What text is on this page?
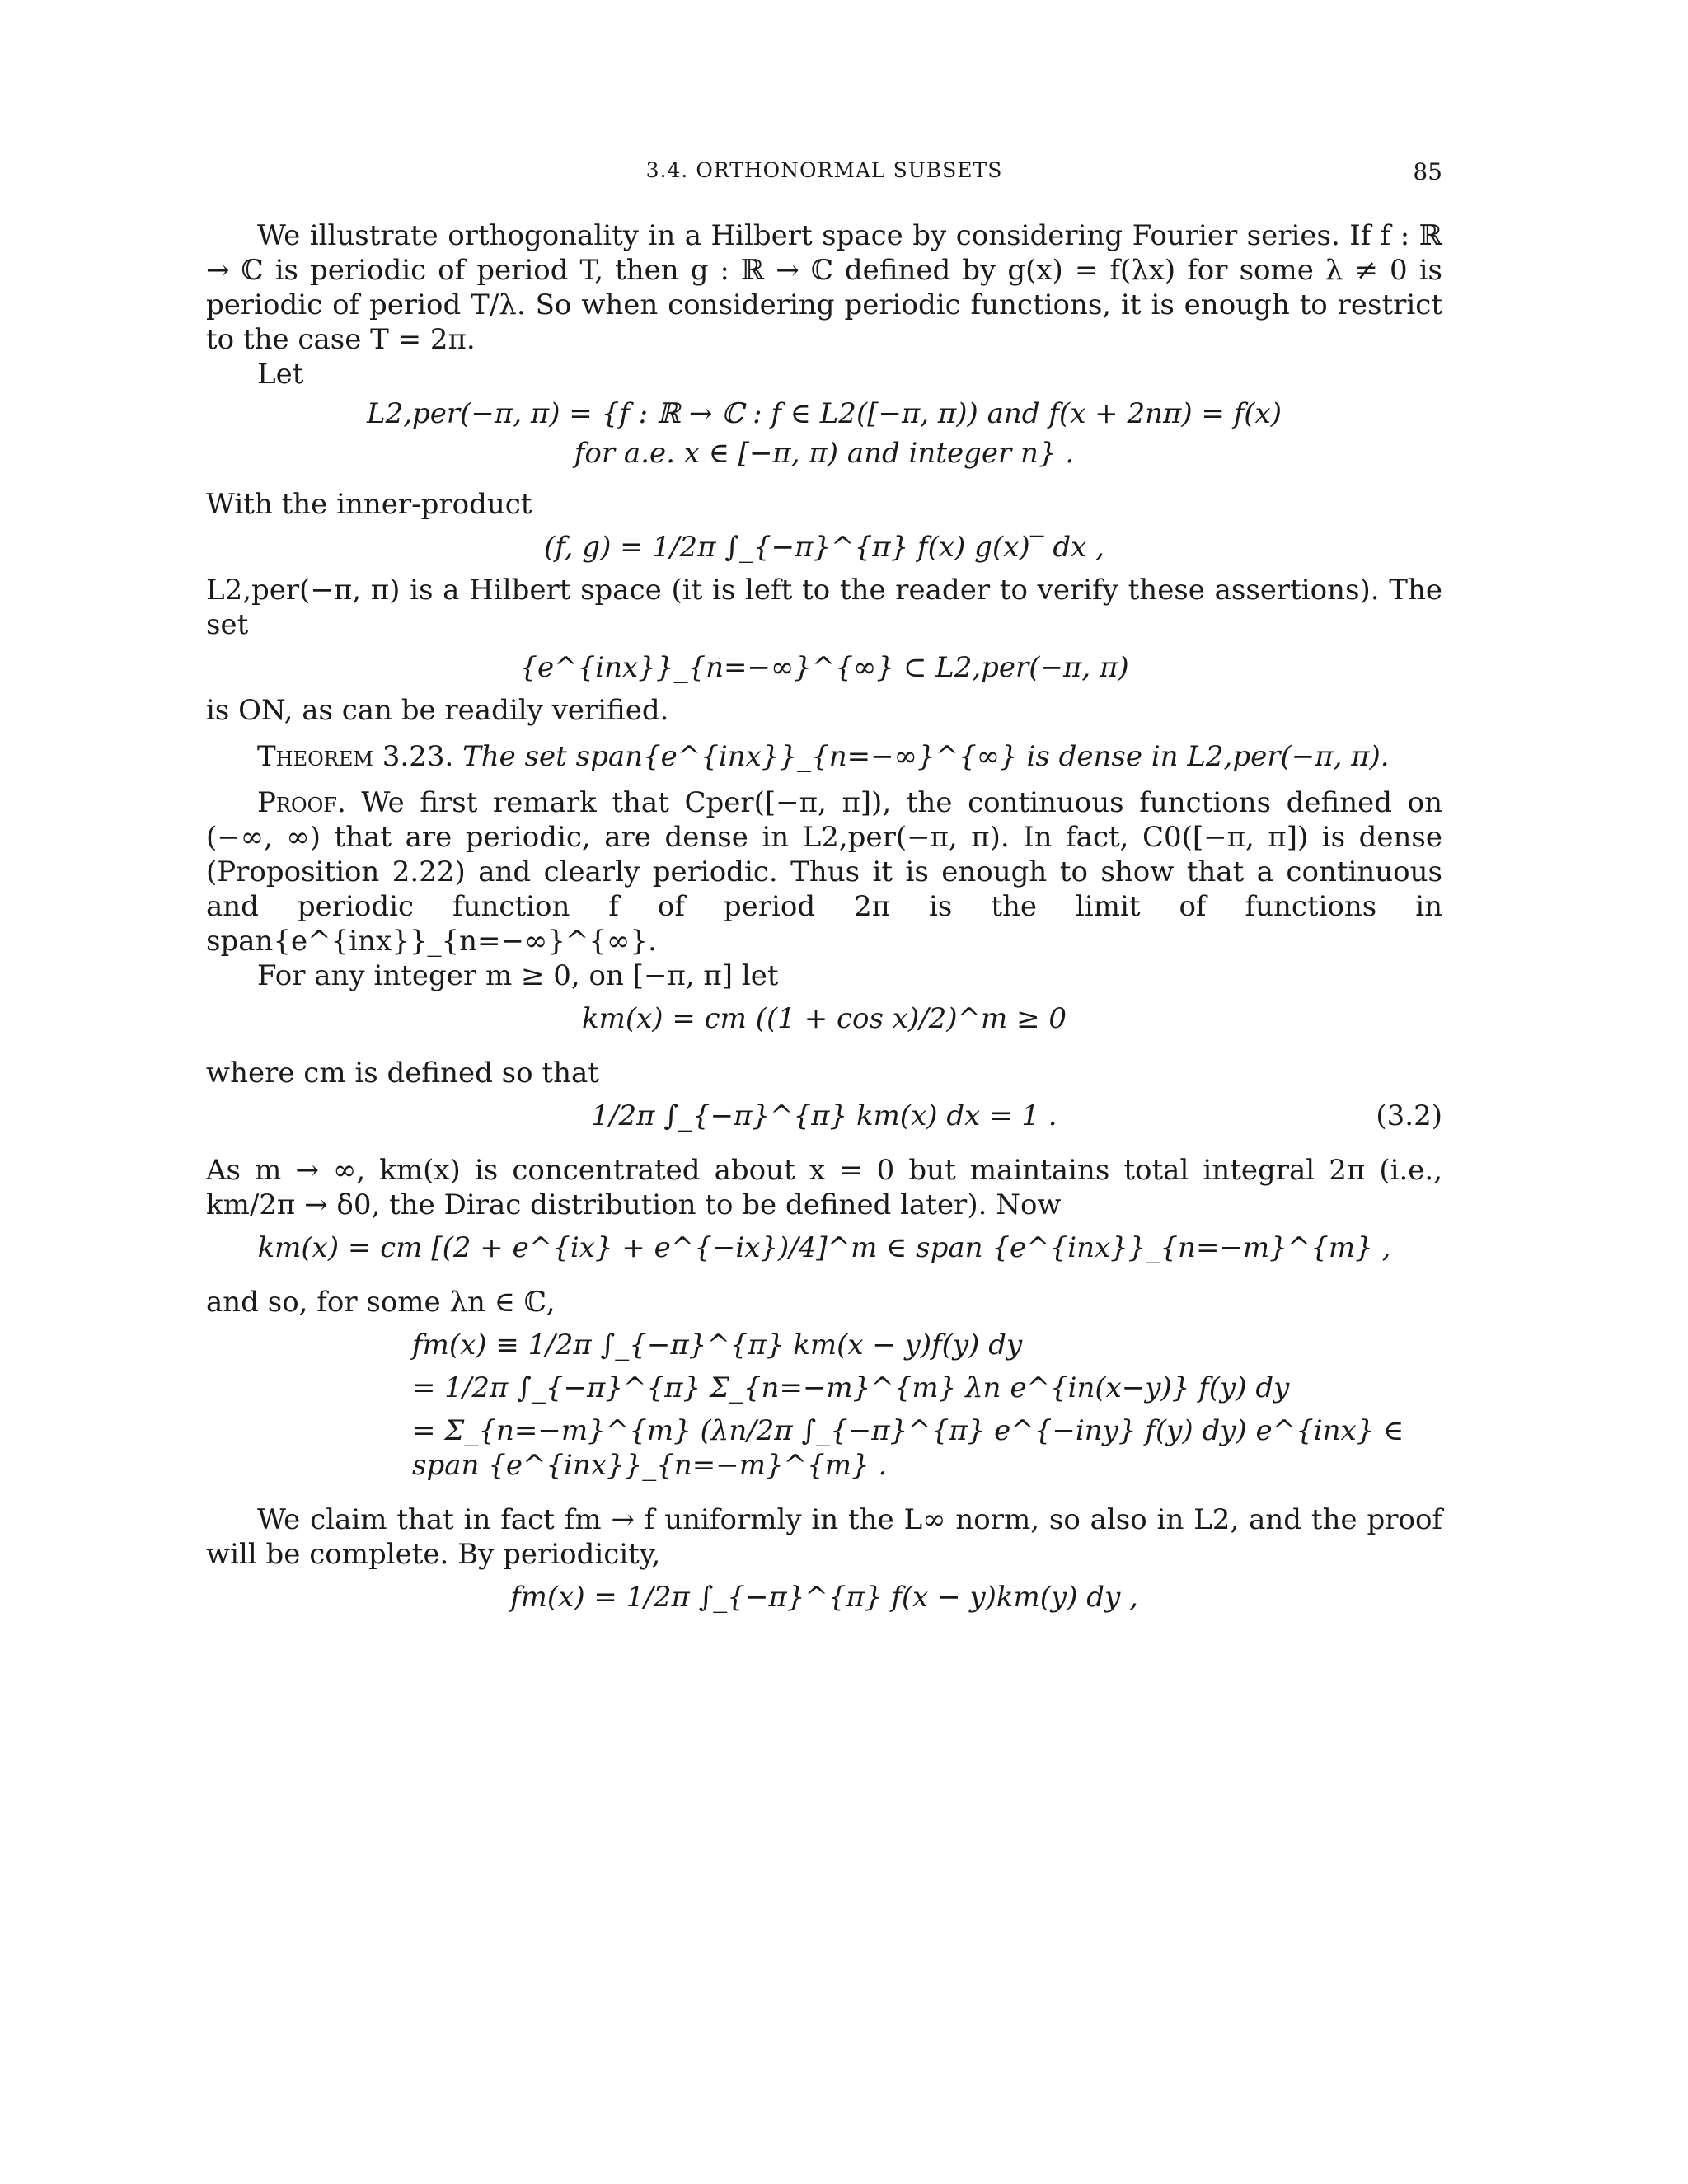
3.4. ORTHONORMAL SUBSETS	85

We illustrate orthogonality in a Hilbert space by considering Fourier series. If f : ℝ → ℂ is periodic of period T, then g : ℝ → ℂ defined by g(x) = f(λx) for some λ ≠ 0 is periodic of period T/λ. So when considering periodic functions, it is enough to restrict to the case T = 2π.

Let

L2,per(−π, π) = {f : ℝ → ℂ : f ∈ L2([−π, π)) and f(x + 2nπ) = f(x)
for a.e. x ∈ [−π, π) and integer n} .

With the inner-product

(f, g) = 1/2π ∫_{−π}^{π} f(x) g(x)‾ dx ,

L2,per(−π, π) is a Hilbert space (it is left to the reader to verify these assertions). The set

{e^{inx}}_{n=−∞}^{∞} ⊂ L2,per(−π, π)

is ON, as can be readily verified.

Theorem 3.23. The set span{e^{inx}}_{n=−∞}^{∞} is dense in L2,per(−π, π).

Proof. We first remark that Cper([−π, π]), the continuous functions defined on (−∞, ∞) that are periodic, are dense in L2,per(−π, π). In fact, C0([−π, π]) is dense (Proposition 2.22) and clearly periodic. Thus it is enough to show that a continuous and periodic function f of period 2π is the limit of functions in span{e^{inx}}_{n=−∞}^{∞}.

For any integer m ≥ 0, on [−π, π] let

km(x) = cm ((1 + cos x)/2)^m ≥ 0

where cm is defined so that

1/2π ∫_{−π}^{π} km(x) dx = 1 .	(3.2)

As m → ∞, km(x) is concentrated about x = 0 but maintains total integral 2π (i.e., km/2π → δ0, the Dirac distribution to be defined later). Now

km(x) = cm [(2 + e^{ix} + e^{−ix})/4]^m ∈ span {e^{inx}}_{n=−m}^{m} ,

and so, for some λn ∈ ℂ,

fm(x) ≡ 1/2π ∫_{−π}^{π} km(x − y)f(y) dy
= 1/2π ∫_{−π}^{π} Σ_{n=−m}^{m} λn e^{in(x−y)} f(y) dy
= Σ_{n=−m}^{m} (λn/2π ∫_{−π}^{π} e^{−iny} f(y) dy) e^{inx} ∈ span {e^{inx}}_{n=−m}^{m} .

We claim that in fact fm → f uniformly in the L∞ norm, so also in L2, and the proof will be complete. By periodicity,

fm(x) = 1/2π ∫_{−π}^{π} f(x − y)km(y) dy ,
